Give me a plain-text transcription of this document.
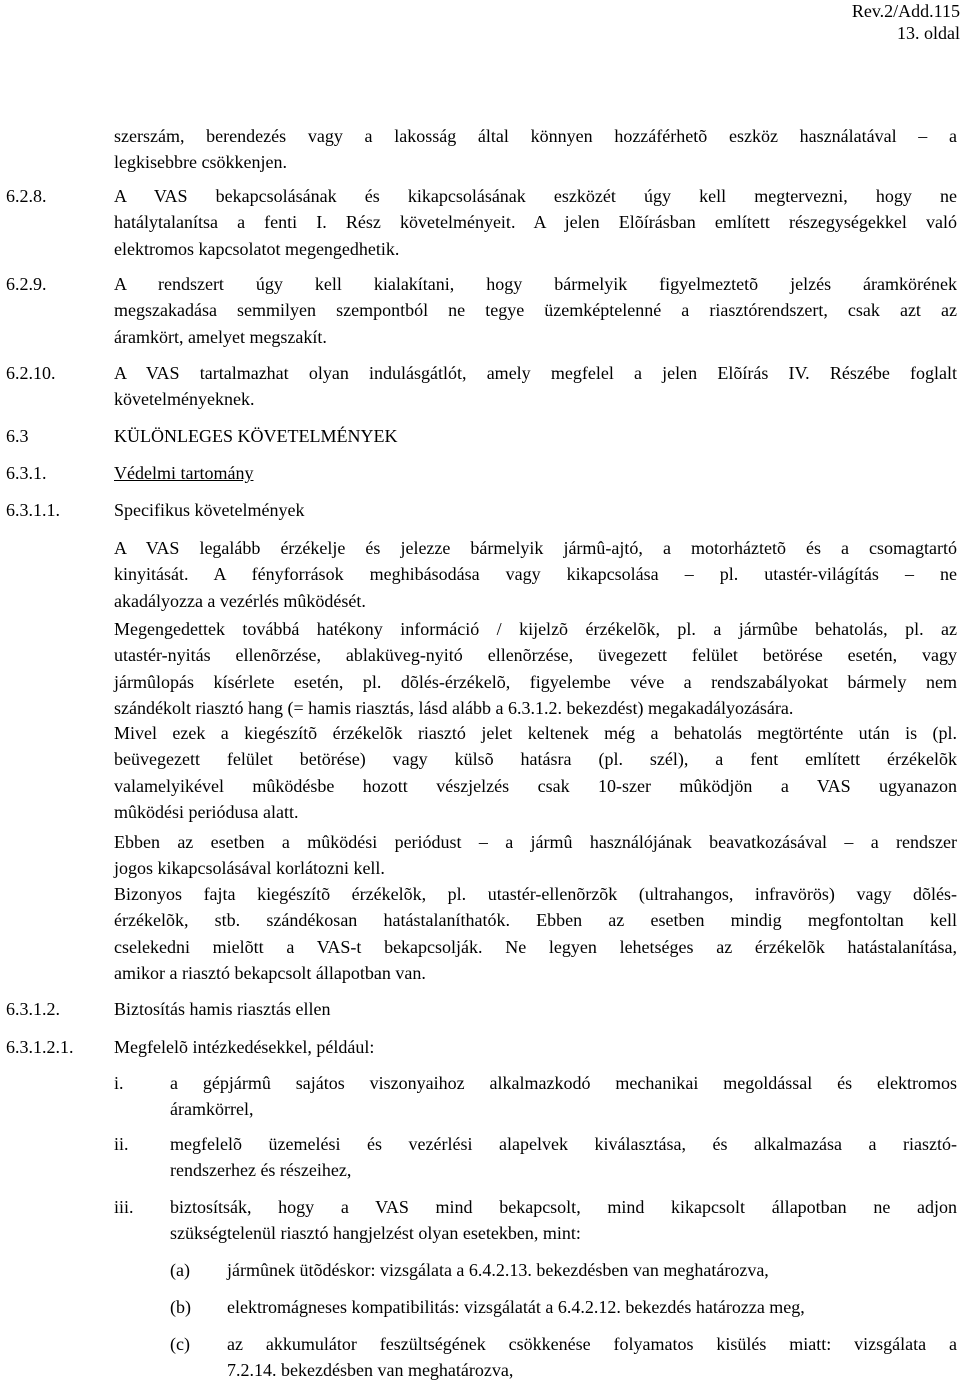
Rev.2/Add.115
13. oldal
szerszám, berendezés vagy a lakosság által könnyen hozzáférhetõ eszköz használatával – a
legkisebbre csökkenjen.
6.2.8.	A VAS bekapcsolásának és kikapcsolásának eszközét úgy kell megtervezni, hogy ne
hatálytalanítsa a fenti I. Rész követelményeit. A jelen Elõírásban említett részegységekkel való
elektromos kapcsolatot megengedhetik.
6.2.9.	A rendszert úgy kell kialakítani, hogy bármelyik figyelmeztetõ jelzés áramkörének
megszakadása semmilyen szempontból ne tegye üzemképtelenné a riasztórendszert, csak azt az
áramkört, amelyet megszakít.
6.2.10.	A VAS tartalmazhat olyan indulásgátlót, amely megfelel a jelen Elõírás IV. Részébe foglalt
követelményeknek.
6.3	KÜLÖNLEGES KÖVETELMÉNYEK
6.3.1.	Védelmi tartomány
6.3.1.1.	Specifikus követelmények
A VAS legalább érzékelje és jelezze bármelyik jármû-ajtó, a motorháztetõ és a csomagtartó
kinyitását. A fényforrások meghibásodása vagy kikapcsolása – pl. utastér-világítás – ne
akadályozza a vezérlés mûködését.
Megengedettek továbbá hatékony információ / kijelzõ érzékelõk, pl. a jármûbe behatolás, pl. az
utastér-nyitás ellenõrzése, ablaküveg-nyitó ellenõrzése, üvegezett felület betörése esetén, vagy
jármûlopás kísérlete esetén, pl. dõlés-érzékelõ, figyelembe véve a rendszabályokat bármely nem
szándékolt riasztó hang (= hamis riasztás, lásd alább a 6.3.1.2. bekezdést) megakadályozására.
Mivel ezek a kiegészítõ érzékelõk riasztó jelet keltenek még a behatolás megtörténte után is (pl.
beüvegezett felület betörése) vagy külsõ hatásra (pl. szél), a fent említett érzékelõk
valamelyikével mûködésbe hozott vészjelzés csak 10-szer mûködjön a VAS ugyanazon
mûködési periódusa alatt.
Ebben az esetben a mûködési periódust – a jármû használójának beavatkozásával – a rendszer
jogos kikapcsolásával korlátozni kell.
Bizonyos fajta kiegészítõ érzékelõk, pl. utastér-ellenõrzõk (ultrahangos, infravörös) vagy dõlés-
érzékelõk, stb. szándékosan hatástalaníthatók. Ebben az esetben mindig megfontoltan kell
cselekedni mielõtt a VAS-t bekapcsolják. Ne legyen lehetséges az érzékelõk hatástalanítása,
amikor a riasztó bekapcsolt állapotban van.
6.3.1.2.	Biztosítás hamis riasztás ellen
6.3.1.2.1. Megfelelõ intézkedésekkel, például:
i.	a gépjármû sajátos viszonyaihoz alkalmazkodó mechanikai megoldással és elektromos
áramkörrel,
ii. megfelelõ üzemelési és vezérlési alapelvek kiválasztása, és alkalmazása a riasztó-
rendszerhez és részeihez,
iii. biztosítsák, hogy a VAS mind bekapcsolt, mind kikapcsolt állapotban ne adjon
szükségtelenül riasztó hangjelzést olyan esetekben, mint:
(a) jármûnek ütõdéskor: vizsgálata a 6.4.2.13. bekezdésben van meghatározva,
(b) elektromágneses kompatibilitás: vizsgálatát a 6.4.2.12. bekezdés határozza meg,
(c) az akkumulátor feszültségének csökkenése folyamatos kisülés miatt: vizsgálata a
7.2.14. bekezdésben van meghatározva,
